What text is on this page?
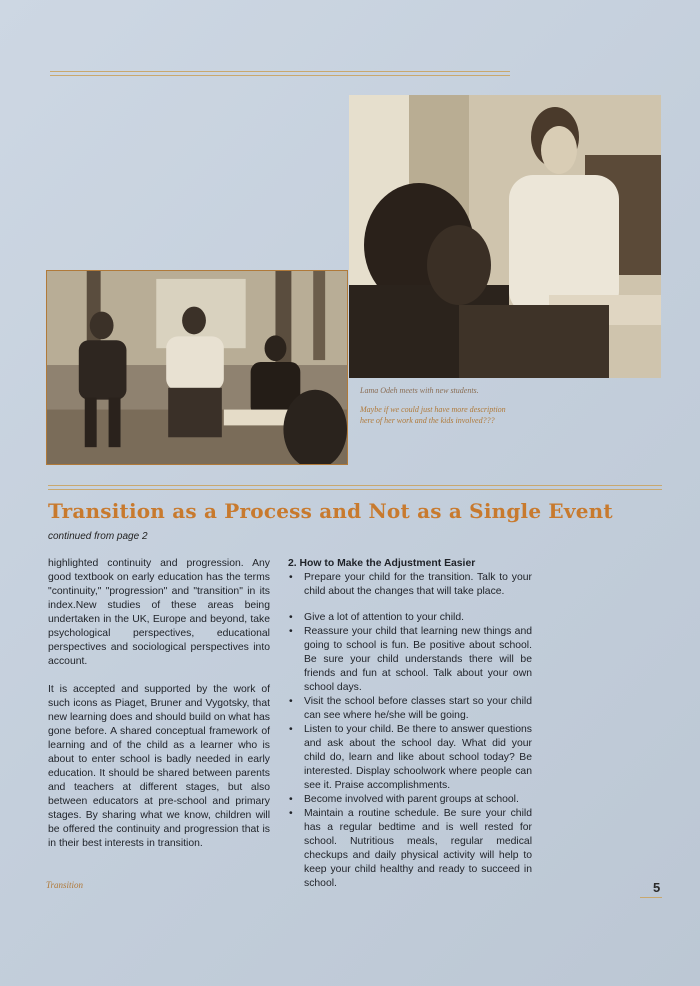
Lama Odeh meets with new students.

Maybe if we could just have more description here of her work and the kids involved???

Transition as a Process and Not as a Single Event
continued from page 2

highlighted continuity and progression. Any good textbook on early education has the terms "continuity," "progression" and "transition" in its index.New studies of these areas being undertaken in the UK, Europe and beyond, take psychological perspectives, educational perspectives and sociological perspectives into account.

It is accepted and supported by the work of such icons as Piaget, Bruner and Vygotsky, that new learning does and should build on what has gone before. A shared conceptual framework of learning and of the child as a learner who is about to enter school is badly needed in early education. It should be shared between parents and teachers at different stages, but also between educators at pre-school and primary stages. By sharing what we know, children will be offered the continuity and progression that is in their best interests in transition.

2. How to Make the Adjustment Easier
• Prepare your child for the transition. Talk to your child about the changes that will take place.
• Give a lot of attention to your child.
• Reassure your child that learning new things and going to school is fun. Be positive about school. Be sure your child understands there will be friends and fun at school. Talk about your own school days.
• Visit the school before classes start so your child can see where he/she will be going.
• Listen to your child. Be there to answer questions and ask about the school day. What did your child do, learn and like about school today? Be interested. Display schoolwork where people can see it. Praise accomplishments.
• Become involved with parent groups at school.
• Maintain a routine schedule. Be sure your child has a regular bedtime and is well rested for school. Nutritious meals, regular medical checkups and daily physical activity will help to keep your child healthy and ready to succeed in school.
Transition	5
